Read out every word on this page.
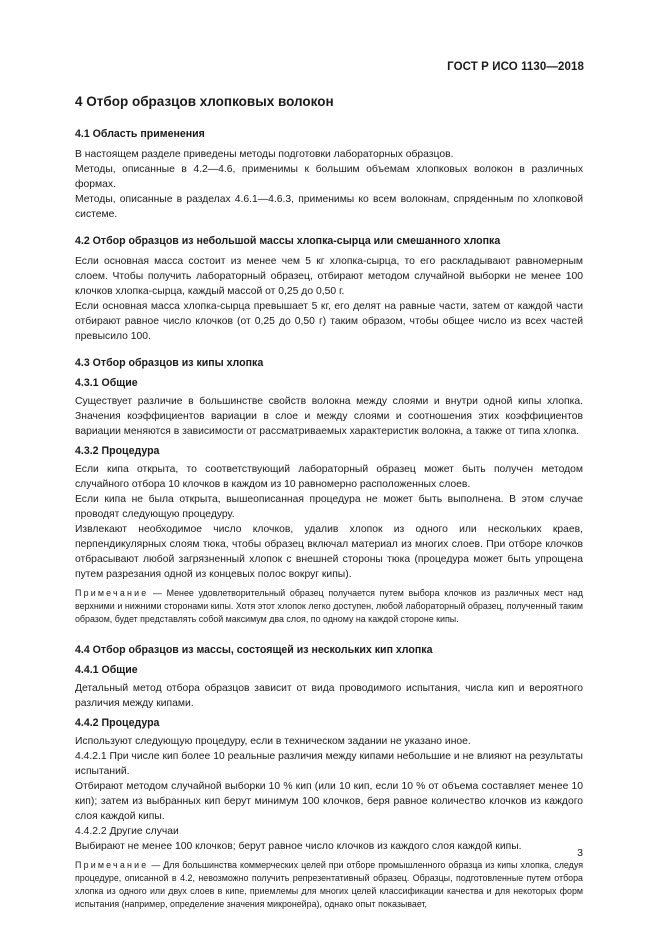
ГОСТ Р ИСО 1130—2018
4 Отбор образцов хлопковых волокон
4.1 Область применения

В настоящем разделе приведены методы подготовки лабораторных образцов.

Методы, описанные в 4.2—4.6, применимы к большим объемам хлопковых волокон в различных формах.

Методы, описанные в разделах 4.6.1—4.6.3, применимы ко всем волокнам, спряденным по хлопковой системе.

4.2 Отбор образцов из небольшой массы хлопка-сырца или смешанного хлопка

Если основная масса состоит из менее чем 5 кг хлопка-сырца, то его раскладывают равномерным слоем. Чтобы получить лабораторный образец, отбирают методом случайной выборки не менее 100 клочков хлопка-сырца, каждый массой от 0,25 до 0,50 г.

Если основная масса хлопка-сырца превышает 5 кг, его делят на равные части, затем от каждой части отбирают равное число клочков (от 0,25 до 0,50 г) таким образом, чтобы общее число из всех частей превысило 100.

4.3 Отбор образцов из кипы хлопка
4.3.1 Общие

Существует различие в большинстве свойств волокна между слоями и внутри одной кипы хлопка. Значения коэффициентов вариации в слое и между слоями и соотношения этих коэффициентов вариации меняются в зависимости от рассматриваемых характеристик волокна, а также от типа хлопка.

4.3.2 Процедура

Если кипа открыта, то соответствующий лабораторный образец может быть получен методом случайного отбора 10 клочков в каждом из 10 равномерно расположенных слоев.

Если кипа не была открыта, вышеописанная процедура не может быть выполнена. В этом случае проводят следующую процедуру.

Извлекают необходимое число клочков, удалив хлопок из одного или нескольких краев, перпендикулярных слоям тюка, чтобы образец включал материал из многих слоев. При отборе клочков отбрасывают любой загрязненный хлопок с внешней стороны тюка (процедура может быть упрощена путем разрезания одной из концевых полос вокруг кипы).

Примечание — Менее удовлетворительный образец получается путем выбора клочков из различных мест над верхними и нижними сторонами кипы. Хотя этот хлопок легко доступен, любой лабораторный образец, полученный таким образом, будет представлять собой максимум два слоя, по одному на каждой стороне кипы.
4.4 Отбор образцов из массы, состоящей из нескольких кип хлопка
4.4.1 Общие

Детальный метод отбора образцов зависит от вида проводимого испытания, числа кип и вероятного различия между кипами.

4.4.2 Процедура

Используют следующую процедуру, если в техническом задании не указано иное.

4.4.2.1 При числе кип более 10 реальные различия между кипами небольшие и не влияют на результаты испытаний.

Отбирают методом случайной выборки 10 % кип (или 10 кип, если 10 % от объема составляет менее 10 кип); затем из выбранных кип берут минимум 100 клочков, беря равное количество клочков из каждого слоя каждой кипы.

4.4.2.2 Другие случаи

Выбирают не менее 100 клочков; берут равное число клочков из каждого слоя каждой кипы.

Примечание — Для большинства коммерческих целей при отборе промышленного образца из кипы хлопка, следуя процедуре, описанной в 4.2, невозможно получить репрезентативный образец. Образцы, подготовленные путем отбора хлопка из одного или двух слоев в кипе, приемлемы для многих целей классификации качества и для некоторых форм испытания (например, определение значения микронейра), однако опыт показывает,
3
